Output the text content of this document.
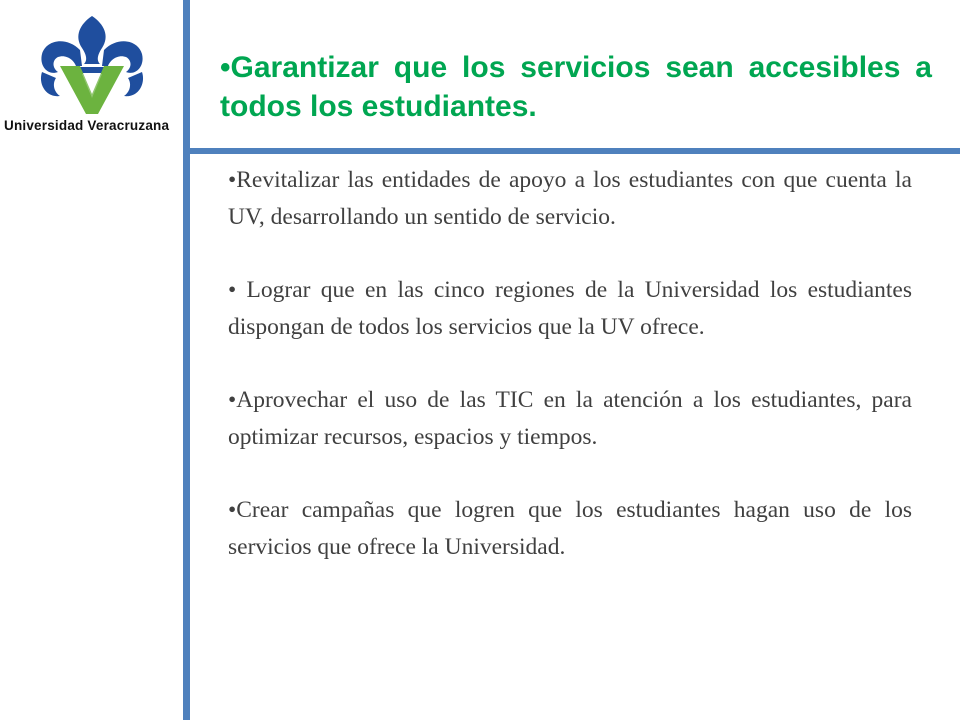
Universidad Veracruzana

•Garantizar que los servicios sean accesibles a todos los estudiantes.

•Revitalizar las entidades de apoyo a los estudiantes con que cuenta la UV, desarrollando un sentido de servicio.
• Lograr que en las cinco regiones de la Universidad los estudiantes dispongan de todos los servicios que la UV ofrece.
•Aprovechar el uso de las TIC en la atención a los estudiantes, para optimizar recursos, espacios y tiempos.
•Crear campañas que logren que los estudiantes hagan uso de los servicios que ofrece la Universidad.
